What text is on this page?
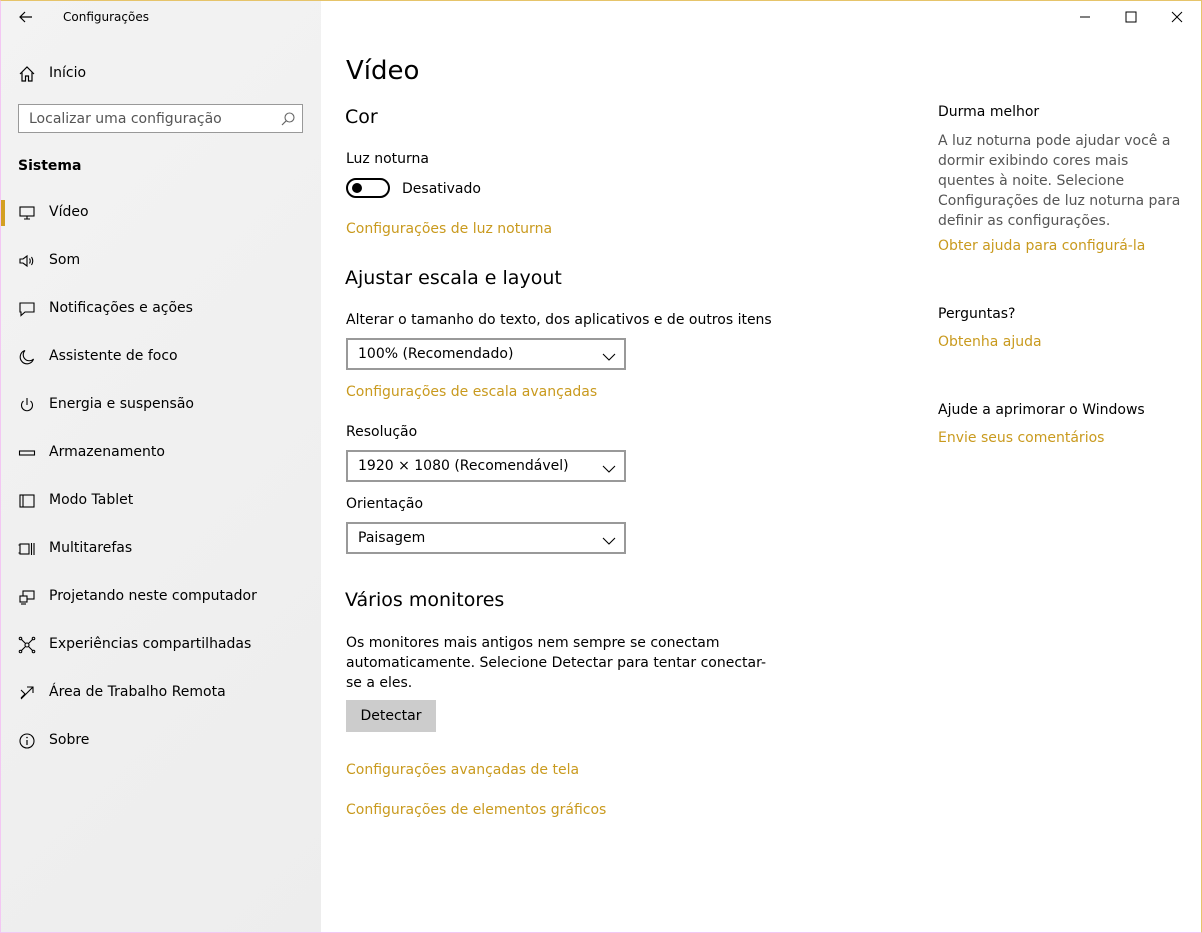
Configurações
Início
Localizar uma configuração
Sistema
Vídeo
Som
Notificações e ações
Assistente de foco
Energia e suspensão
Armazenamento
Modo Tablet
Multitarefas
Projetando neste computador
Experiências compartilhadas
Área de Trabalho Remota
Sobre
Vídeo
Cor
Luz noturna
Desativado
Configurações de luz noturna
Ajustar escala e layout
Alterar o tamanho do texto, dos aplicativos e de outros itens
100% (Recomendado)
Configurações de escala avançadas
Resolução
1920 × 1080 (Recomendável)
Orientação
Paisagem
Vários monitores
Os monitores mais antigos nem sempre se conectam automaticamente. Selecione Detectar para tentar conectar-se a eles.
Detectar
Configurações avançadas de tela
Configurações de elementos gráficos
Durma melhor
A luz noturna pode ajudar você a dormir exibindo cores mais quentes à noite. Selecione Configurações de luz noturna para definir as configurações.
Obter ajuda para configurá-la
Perguntas?
Obtenha ajuda
Ajude a aprimorar o Windows
Envie seus comentários
